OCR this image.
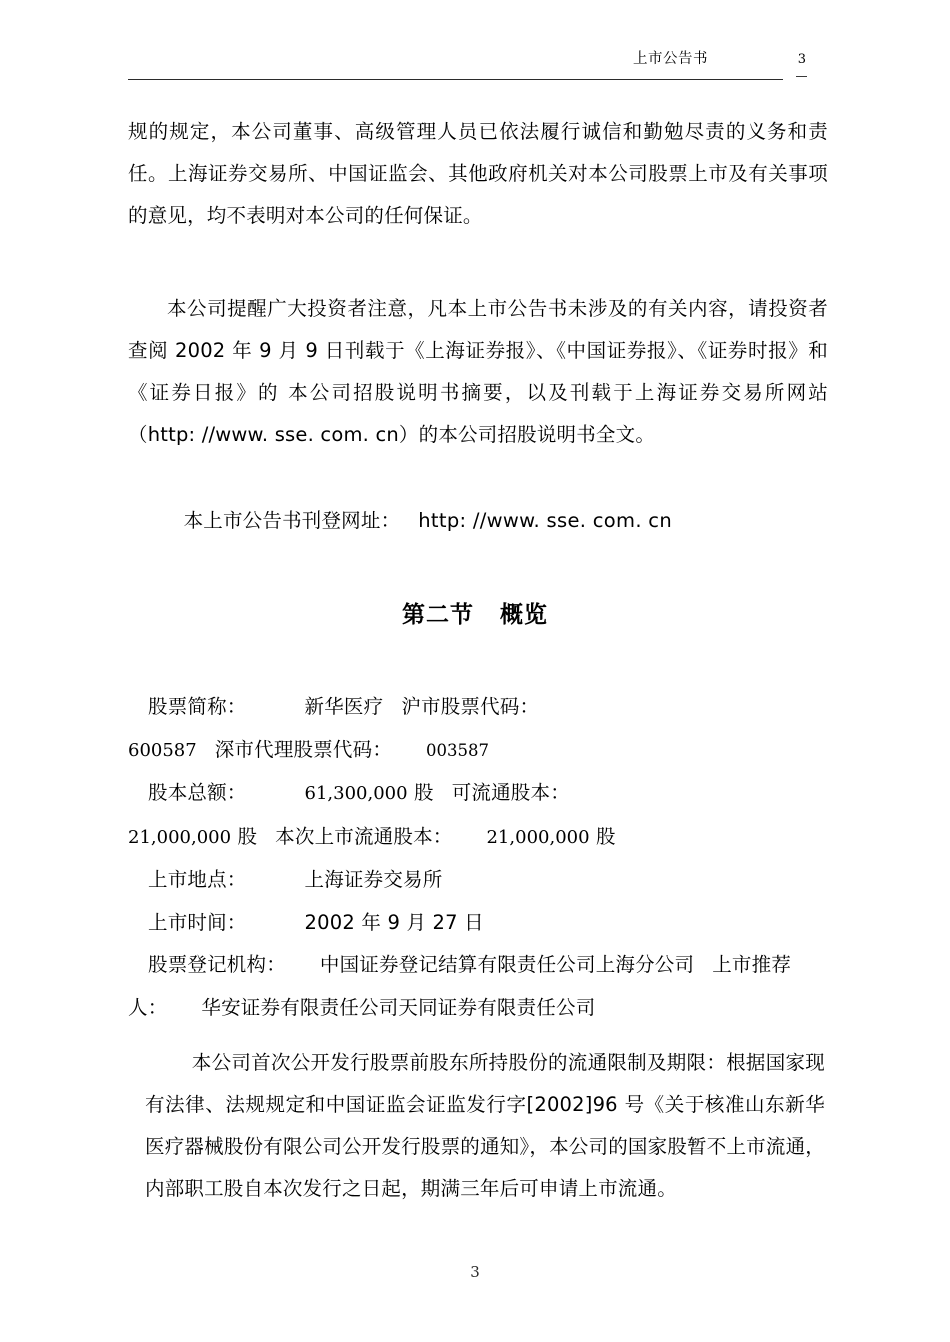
上市公告书	3

规的规定，本公司董事、高级管理人员已依法履行诚信和勤勉尽责的义务和责任。上海证券交易所、中国证监会、其他政府机关对本公司股票上市及有关事项的意见，均不表明对本公司的任何保证。

本公司提醒广大投资者注意，凡本上市公告书未涉及的有关内容，请投资者查阅 2002 年 9 月 9 日刊载于《上海证券报》、《中国证券报》、《证券时报》和《证券日报》的 本公司招股说明书摘要，以及刊载于上海证券交易所网站（http: //www. sse. com. cn）的本公司招股说明书全文。

本上市公告书刊登网址： http: //www. sse. com. cn

第二节 概览

股票简称：	新华医疗 沪市股票代码：
600587 深市代理股票代码： 003587

股本总额：	61,300,000 股 可流通股本：
21,000,000 股 本次上市流通股本： 21,000,000 股

上市地点：	上海证券交易所

上市时间：	2002 年 9 月 27 日

股票登记机构： 中国证券登记结算有限责任公司上海分公司 上市推荐人： 华安证券有限责任公司天同证券有限责任公司

本公司首次公开发行股票前股东所持股份的流通限制及期限：根据国家现有法律、法规规定和中国证监会证监发行字[2002]96 号《关于核准山东新华医疗器械股份有限公司公开发行股票的通知》，本公司的国家股暂不上市流通，内部职工股自本次发行之日起，期满三年后可申请上市流通。

3
